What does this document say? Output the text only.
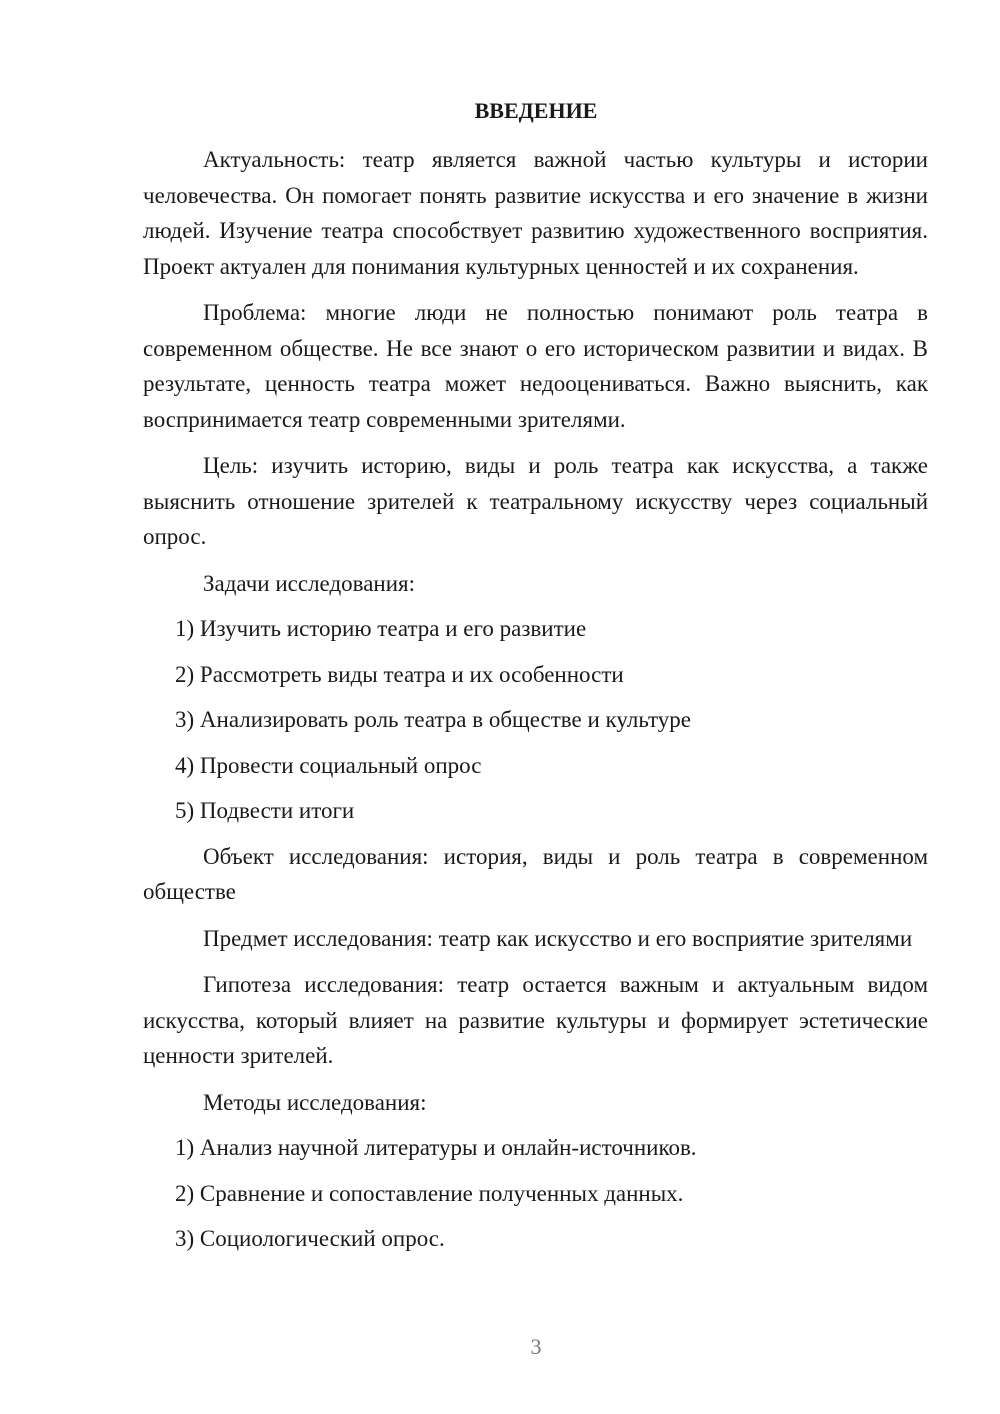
ВВЕДЕНИЕ

Актуальность: театр является важной частью культуры и истории человечества. Он помогает понять развитие искусства и его значение в жизни людей. Изучение театра способствует развитию художественного восприятия. Проект актуален для понимания культурных ценностей и их сохранения.

Проблема: многие люди не полностью понимают роль театра в современном обществе. Не все знают о его историческом развитии и видах. В результате, ценность театра может недооцениваться. Важно выяснить, как воспринимается театр современными зрителями.

Цель: изучить историю, виды и роль театра как искусства, а также выяснить отношение зрителей к театральному искусству через социальный опрос.

Задачи исследования:

1) Изучить историю театра и его развитие

2) Рассмотреть виды театра и их особенности

3) Анализировать роль театра в обществе и культуре

4) Провести социальный опрос

5) Подвести итоги

Объект исследования: история, виды и роль театра в современном обществе

Предмет исследования: театр как искусство и его восприятие зрителями

Гипотеза исследования: театр остается важным и актуальным видом искусства, который влияет на развитие культуры и формирует эстетические ценности зрителей.

Методы исследования:

1) Анализ научной литературы и онлайн-источников.

2) Сравнение и сопоставление полученных данных.

3) Социологический опрос.

3
